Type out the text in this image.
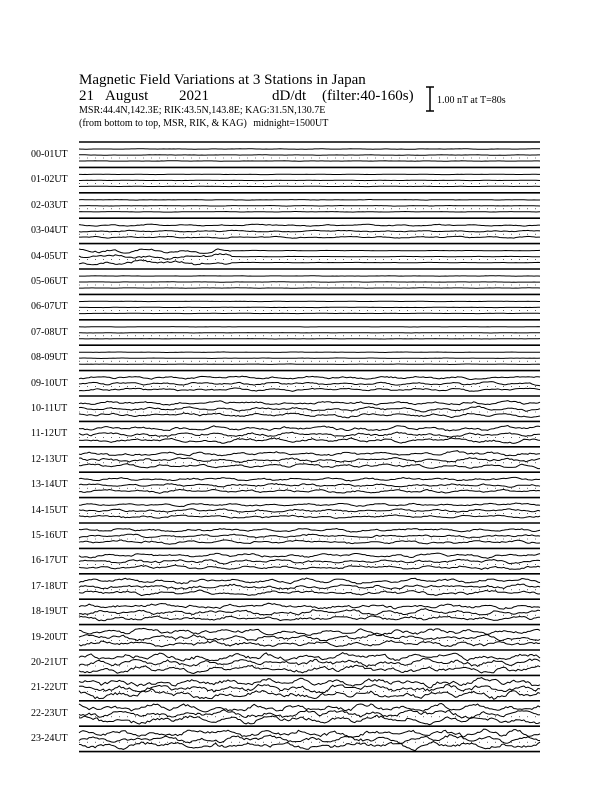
Magnetic Field Variations at 3 Stations in Japan
21 August 2021	dD/dt (filter:40-160s)
MSR:44.4N,142.3E; RIK:43.5N,143.8E; KAG:31.5N,130.7E
(from bottom to top, MSR, RIK, & KAG) midnight=1500UT
1.00 nT at T=80s
00-01UT
01-02UT
02-03UT
03-04UT
04-05UT
05-06UT
06-07UT
07-08UT
08-09UT
09-10UT
10-11UT
11-12UT
12-13UT
13-14UT
14-15UT
15-16UT
16-17UT
17-18UT
18-19UT
19-20UT
20-21UT
21-22UT
22-23UT
23-24UT
